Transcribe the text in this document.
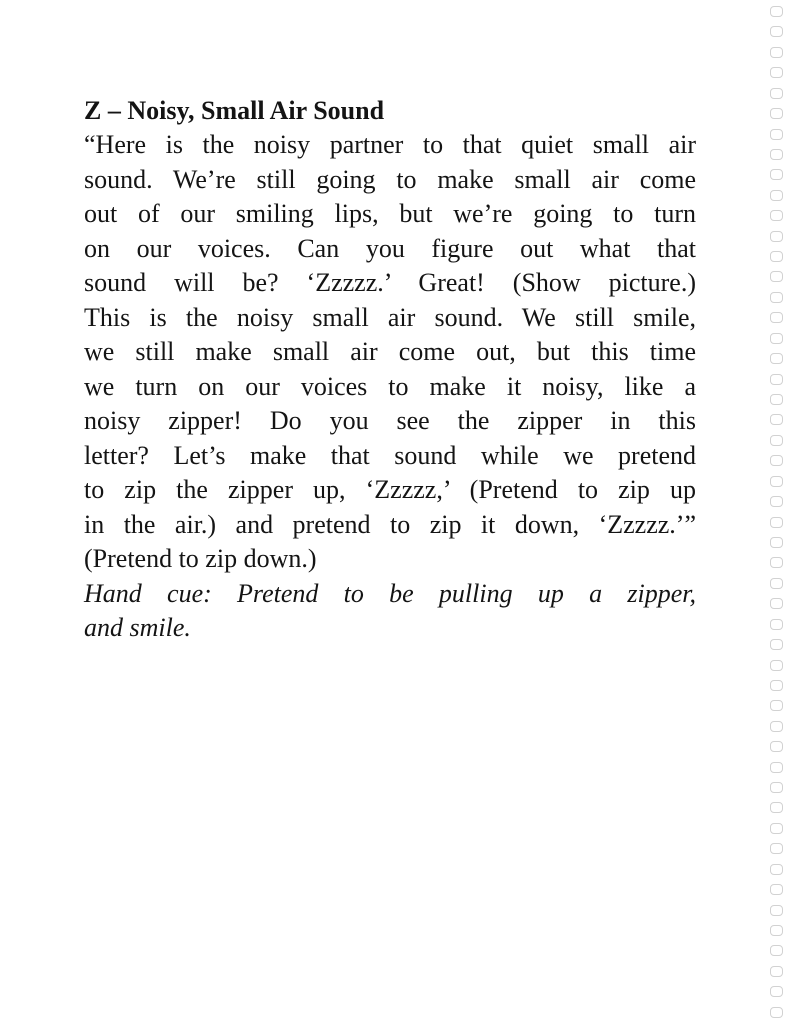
Z – Noisy, Small Air Sound
“Here is the noisy partner to that quiet small air
sound. We’re still going to make small air come
out of our smiling lips, but we’re going to turn
on our voices. Can you figure out what that
sound will be? ‘Zzzzz.’ Great! (Show picture.)
This is the noisy small air sound. We still smile,
we still make small air come out, but this time
we turn on our voices to make it noisy, like a
noisy zipper! Do you see the zipper in this
letter? Let’s make that sound while we pretend
to zip the zipper up, ‘Zzzzz,’ (Pretend to zip up
in the air.) and pretend to zip it down, ‘Zzzzz.’”
(Pretend to zip down.)
Hand cue: Pretend to be pulling up a zipper,
and smile.
